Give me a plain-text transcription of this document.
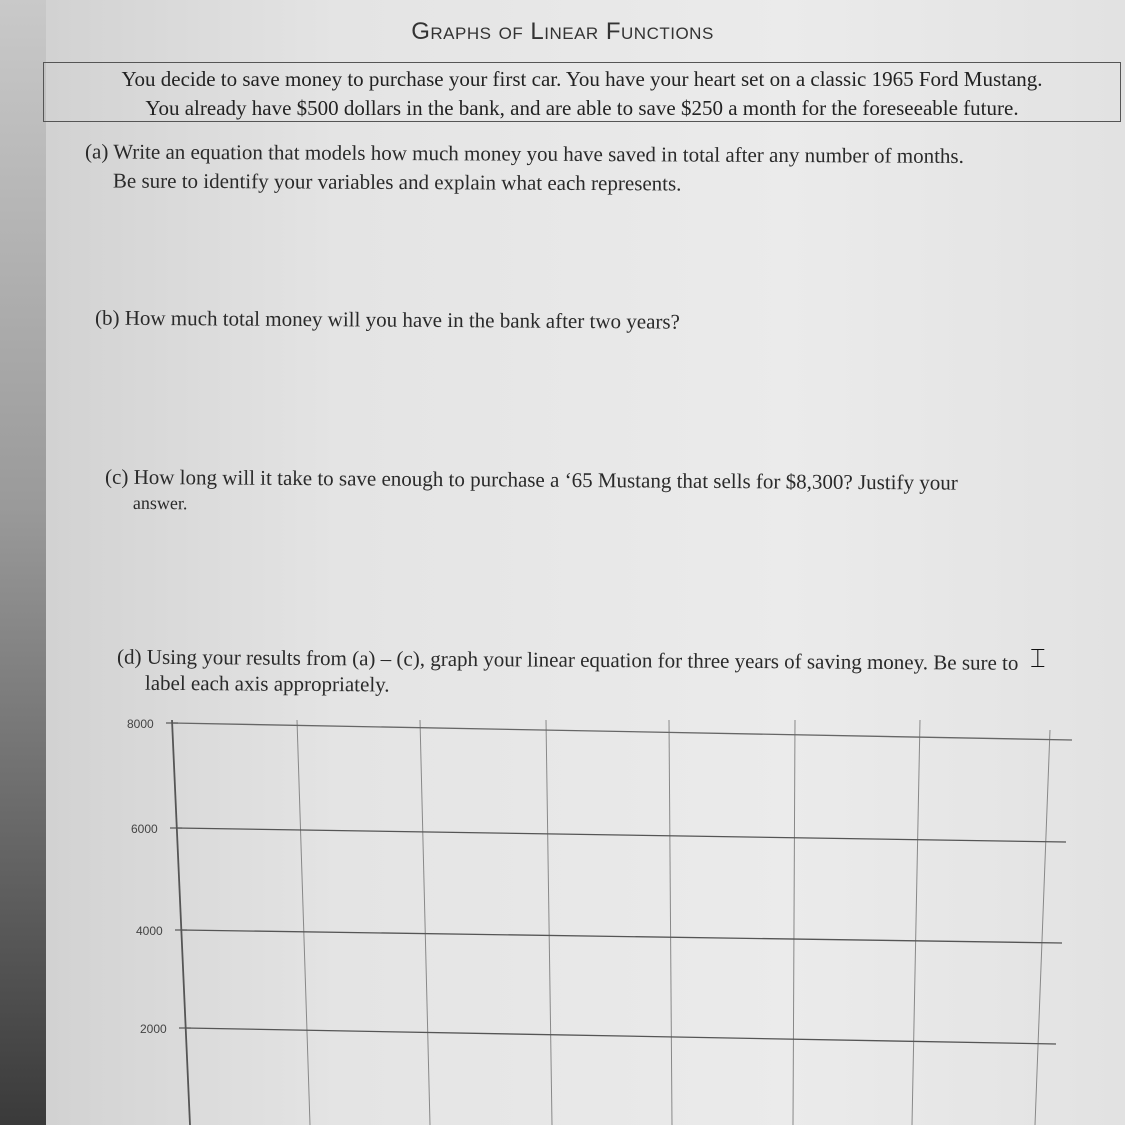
Graphs of Linear Functions
You decide to save money to purchase your first car. You have your heart set on a classic 1965 Ford Mustang.
You already have $500 dollars in the bank, and are able to save $250 a month for the foreseeable future.
(a) Write an equation that models how much money you have saved in total after any number of months.
Be sure to identify your variables and explain what each represents.
(b) How much total money will you have in the bank after two years?
(c) How long will it take to save enough to purchase a ‘65 Mustang that sells for $8,300? Justify your
answer.
(d) Using your results from (a) – (c), graph your linear equation for three years of saving money. Be sure to
label each axis appropriately.
⌶
8000
6000
4000
2000
